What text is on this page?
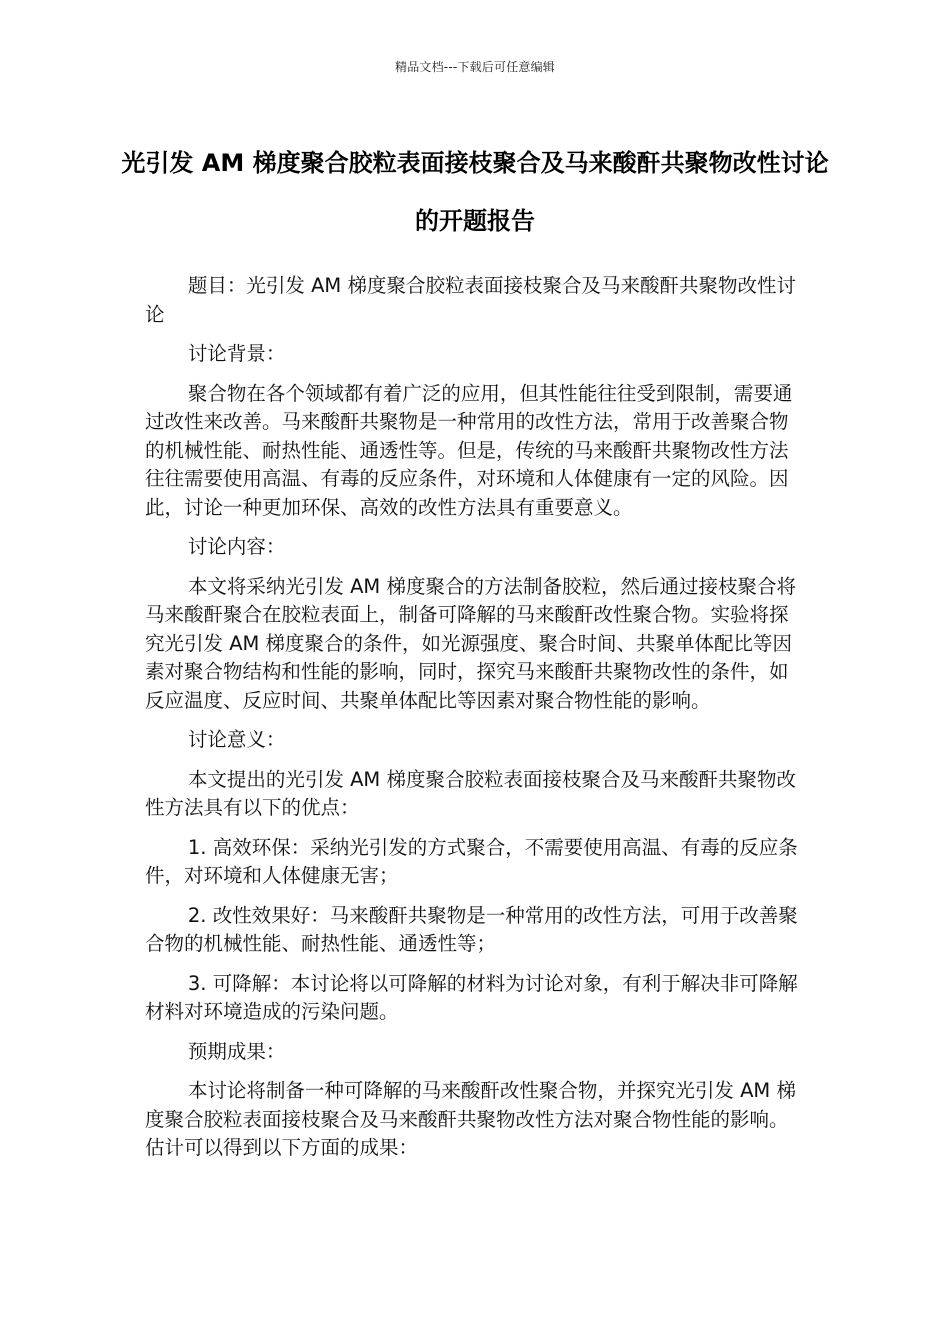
精品文档---下载后可任意编辑
光引发 AM 梯度聚合胶粒表面接枝聚合及马来酸酐共聚物改性讨论的开题报告

题目：光引发 AM 梯度聚合胶粒表面接枝聚合及马来酸酐共聚物改性讨论

讨论背景：

聚合物在各个领域都有着广泛的应用，但其性能往往受到限制，需要通过改性来改善。马来酸酐共聚物是一种常用的改性方法，常用于改善聚合物的机械性能、耐热性能、通透性等。但是，传统的马来酸酐共聚物改性方法往往需要使用高温、有毒的反应条件，对环境和人体健康有一定的风险。因此，讨论一种更加环保、高效的改性方法具有重要意义。

讨论内容：

本文将采纳光引发 AM 梯度聚合的方法制备胶粒，然后通过接枝聚合将马来酸酐聚合在胶粒表面上，制备可降解的马来酸酐改性聚合物。实验将探究光引发 AM 梯度聚合的条件，如光源强度、聚合时间、共聚单体配比等因素对聚合物结构和性能的影响，同时，探究马来酸酐共聚物改性的条件，如反应温度、反应时间、共聚单体配比等因素对聚合物性能的影响。

讨论意义：

本文提出的光引发 AM 梯度聚合胶粒表面接枝聚合及马来酸酐共聚物改性方法具有以下的优点：

1. 高效环保：采纳光引发的方式聚合，不需要使用高温、有毒的反应条件，对环境和人体健康无害；

2. 改性效果好：马来酸酐共聚物是一种常用的改性方法，可用于改善聚合物的机械性能、耐热性能、通透性等；

3. 可降解：本讨论将以可降解的材料为讨论对象，有利于解决非可降解材料对环境造成的污染问题。

预期成果：

本讨论将制备一种可降解的马来酸酐改性聚合物，并探究光引发 AM 梯度聚合胶粒表面接枝聚合及马来酸酐共聚物改性方法对聚合物性能的影响。估计可以得到以下方面的成果：
